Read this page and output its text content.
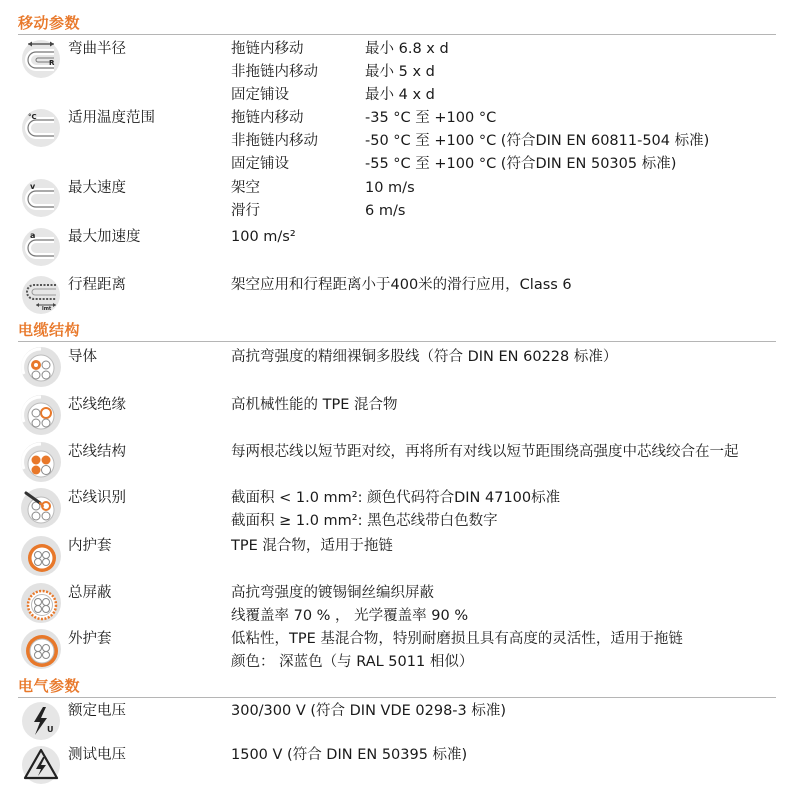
移动参数
R
弯曲半径	拖链内移动	最小 6.8 x d
非拖链内移动	最小 5 x d
固定铺设	最小 4 x d
°C 适用温度范围	拖链内移动	-35 °C 至 +100 °C
非拖链内移动	-50 °C 至 +100 °C (符合DIN EN 60811-504 标准)
固定铺设	-55 °C 至 +100 °C (符合DIN EN 50305 标准)
v 最大速度	架空	10 m/s
滑行	6 m/s
a 最大加速度	100 m/s²
lmt
行程距离	架空应用和行程距离小于400米的滑行应用，Class 6
电缆结构
导体	高抗弯强度的精细裸铜多股线（符合 DIN EN 60228 标准）
芯线绝缘	高机械性能的 TPE 混合物
芯线结构	每两根芯线以短节距对绞，再将所有对线以短节距围绕高强度中芯线绞合在一起
芯线识别	截面积 < 1.0 mm²: 颜色代码符合DIN 47100标准
截面积 ≥ 1.0 mm²: 黑色芯线带白色数字
内护套	TPE 混合物，适用于拖链
总屏蔽	高抗弯强度的镀锡铜丝编织屏蔽
线覆盖率 70 % ， 光学覆盖率 90 %
外护套	低粘性，TPE 基混合物，特别耐磨损且具有高度的灵活性，适用于拖链
颜色： 深蓝色（与 RAL 5011 相似）
电气参数
U
额定电压	300/300 V (符合 DIN VDE 0298-3 标准)
测试电压	1500 V (符合 DIN EN 50395 标准)
